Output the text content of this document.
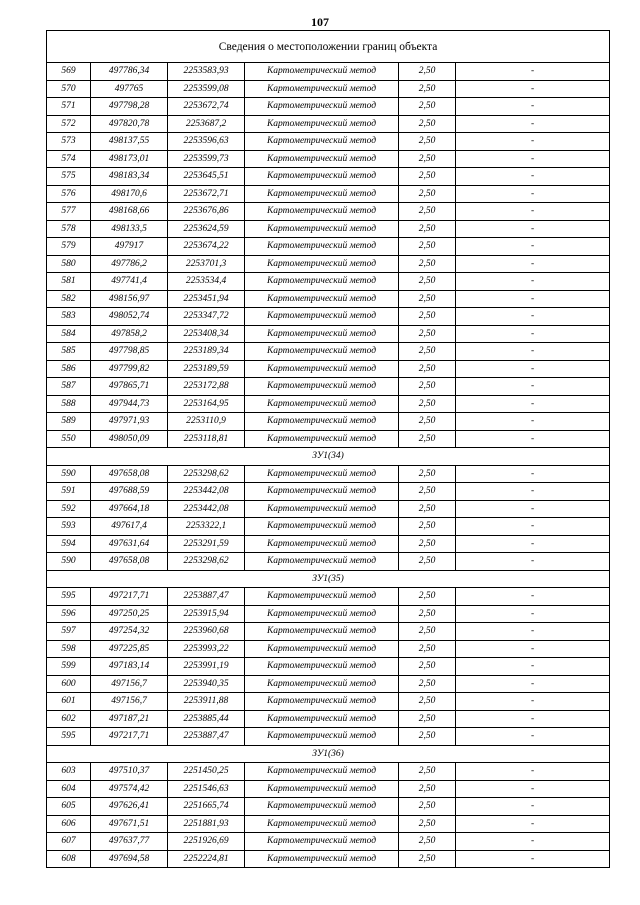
107
Сведения о местоположении границ объекта					
569	497786,34	2253583,93	Картометрический метод	2,50	-
570	497765	2253599,08	Картометрический метод	2,50	-
571	497798,28	2253672,74	Картометрический метод	2,50	-
572	497820,78	2253687,2	Картометрический метод	2,50	-
573	498137,55	2253596,63	Картометрический метод	2,50	-
574	498173,01	2253599,73	Картометрический метод	2,50	-
575	498183,34	2253645,51	Картометрический метод	2,50	-
576	498170,6	2253672,71	Картометрический метод	2,50	-
577	498168,66	2253676,86	Картометрический метод	2,50	-
578	498133,5	2253624,59	Картометрический метод	2,50	-
579	497917	2253674,22	Картометрический метод	2,50	-
580	497786,2	2253701,3	Картометрический метод	2,50	-
581	497741,4	2253534,4	Картометрический метод	2,50	-
582	498156,97	2253451,94	Картометрический метод	2,50	-
583	498052,74	2253347,72	Картометрический метод	2,50	-
584	497858,2	2253408,34	Картометрический метод	2,50	-
585	497798,85	2253189,34	Картометрический метод	2,50	-
586	497799,82	2253189,59	Картометрический метод	2,50	-
587	497865,71	2253172,88	Картометрический метод	2,50	-
588	497944,73	2253164,95	Картометрический метод	2,50	-
589	497971,93	2253110,9	Картометрический метод	2,50	-
550	498050,09	2253118,81	Картометрический метод	2,50	-
ЗУ1(34)					
590	497658,08	2253298,62	Картометрический метод	2,50	-
591	497688,59	2253442,08	Картометрический метод	2,50	-
592	497664,18	2253442,08	Картометрический метод	2,50	-
593	497617,4	2253322,1	Картометрический метод	2,50	-
594	497631,64	2253291,59	Картометрический метод	2,50	-
590	497658,08	2253298,62	Картометрический метод	2,50	-
ЗУ1(35)					
595	497217,71	2253887,47	Картометрический метод	2,50	-
596	497250,25	2253915,94	Картометрический метод	2,50	-
597	497254,32	2253960,68	Картометрический метод	2,50	-
598	497225,85	2253993,22	Картометрический метод	2,50	-
599	497183,14	2253991,19	Картометрический метод	2,50	-
600	497156,7	2253940,35	Картометрический метод	2,50	-
601	497156,7	2253911,88	Картометрический метод	2,50	-
602	497187,21	2253885,44	Картометрический метод	2,50	-
595	497217,71	2253887,47	Картометрический метод	2,50	-
ЗУ1(36)					
603	497510,37	2251450,25	Картометрический метод	2,50	-
604	497574,42	2251546,63	Картометрический метод	2,50	-
605	497626,41	2251665,74	Картометрический метод	2,50	-
606	497671,51	2251881,93	Картометрический метод	2,50	-
607	497637,77	2251926,69	Картометрический метод	2,50	-
608	497694,58	2252224,81	Картометрический метод	2,50	-
